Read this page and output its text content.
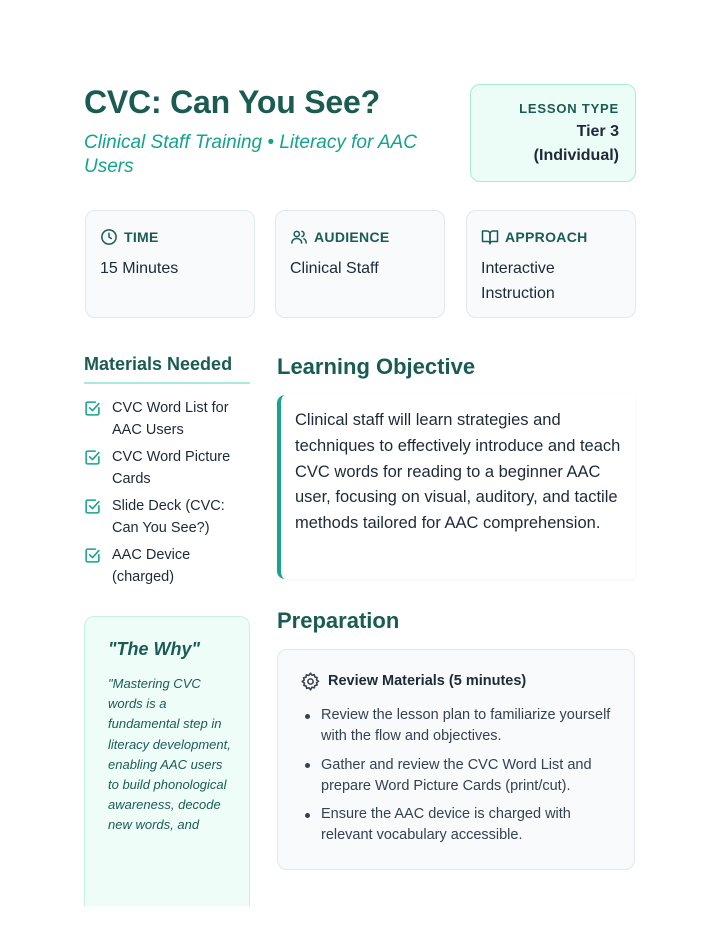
CVC: Can You See?
Clinical Staff Training • Literacy for AAC Users
LESSON TYPE
Tier 3 (Individual)
TIME
15 Minutes
AUDIENCE
Clinical Staff
APPROACH
Interactive Instruction
Materials Needed
CVC Word List for AAC Users
CVC Word Picture Cards
Slide Deck (CVC: Can You See?)
AAC Device (charged)
"The Why"
"Mastering CVC words is a fundamental step in literacy development, enabling AAC users to build phonological awareness, decode new words, and
Learning Objective
Clinical staff will learn strategies and techniques to effectively introduce and teach CVC words for reading to a beginner AAC user, focusing on visual, auditory, and tactile methods tailored for AAC comprehension.
Preparation
Review Materials (5 minutes)
Review the lesson plan to familiarize yourself with the flow and objectives.
Gather and review the CVC Word List and prepare Word Picture Cards (print/cut).
Ensure the AAC device is charged with relevant vocabulary accessible.
